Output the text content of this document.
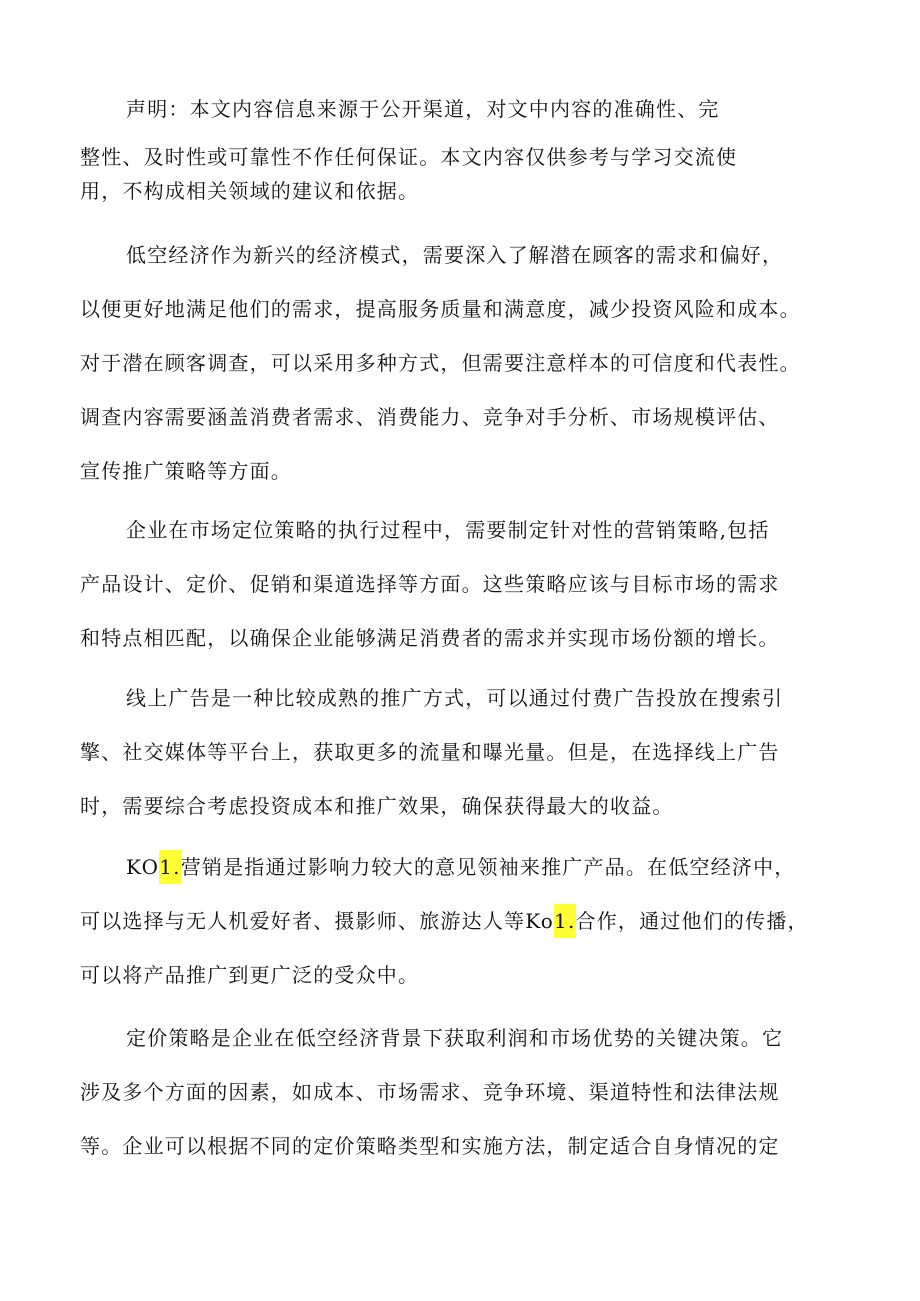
声明：本文内容信息来源于公开渠道，对文中内容的准确性、完
整性、及时性或可靠性不作任何保证。本文内容仅供参考与学习交流使
用，不构成相关领域的建议和依据。
低空经济作为新兴的经济模式，需要深入了解潜在顾客的需求和偏好，
以便更好地满足他们的需求，提高服务质量和满意度，减少投资风险和成本。
对于潜在顾客调查，可以采用多种方式，但需要注意样本的可信度和代表性。
调查内容需要涵盖消费者需求、消费能力、竞争对手分析、市场规模评估、
宣传推广策略等方面。
企业在市场定位策略的执行过程中，需要制定针对性的营销策略,包括
产品设计、定价、促销和渠道选择等方面。这些策略应该与目标市场的需求
和特点相匹配，以确保企业能够满足消费者的需求并实现市场份额的增长。
线上广告是一种比较成熟的推广方式，可以通过付费广告投放在搜索引
擎、社交媒体等平台上，获取更多的流量和曝光量。但是，在选择线上广告
时，需要综合考虑投资成本和推广效果，确保获得最大的收益。
KO1.营销是指通过影响力较大的意见领袖来推广产品。在低空经济中，
可以选择与无人机爱好者、摄影师、旅游达人等Ko1.合作，通过他们的传播，
可以将产品推广到更广泛的受众中。
定价策略是企业在低空经济背景下获取利润和市场优势的关键决策。它
涉及多个方面的因素，如成本、市场需求、竞争环境、渠道特性和法律法规
等。企业可以根据不同的定价策略类型和实施方法，制定适合自身情况的定
